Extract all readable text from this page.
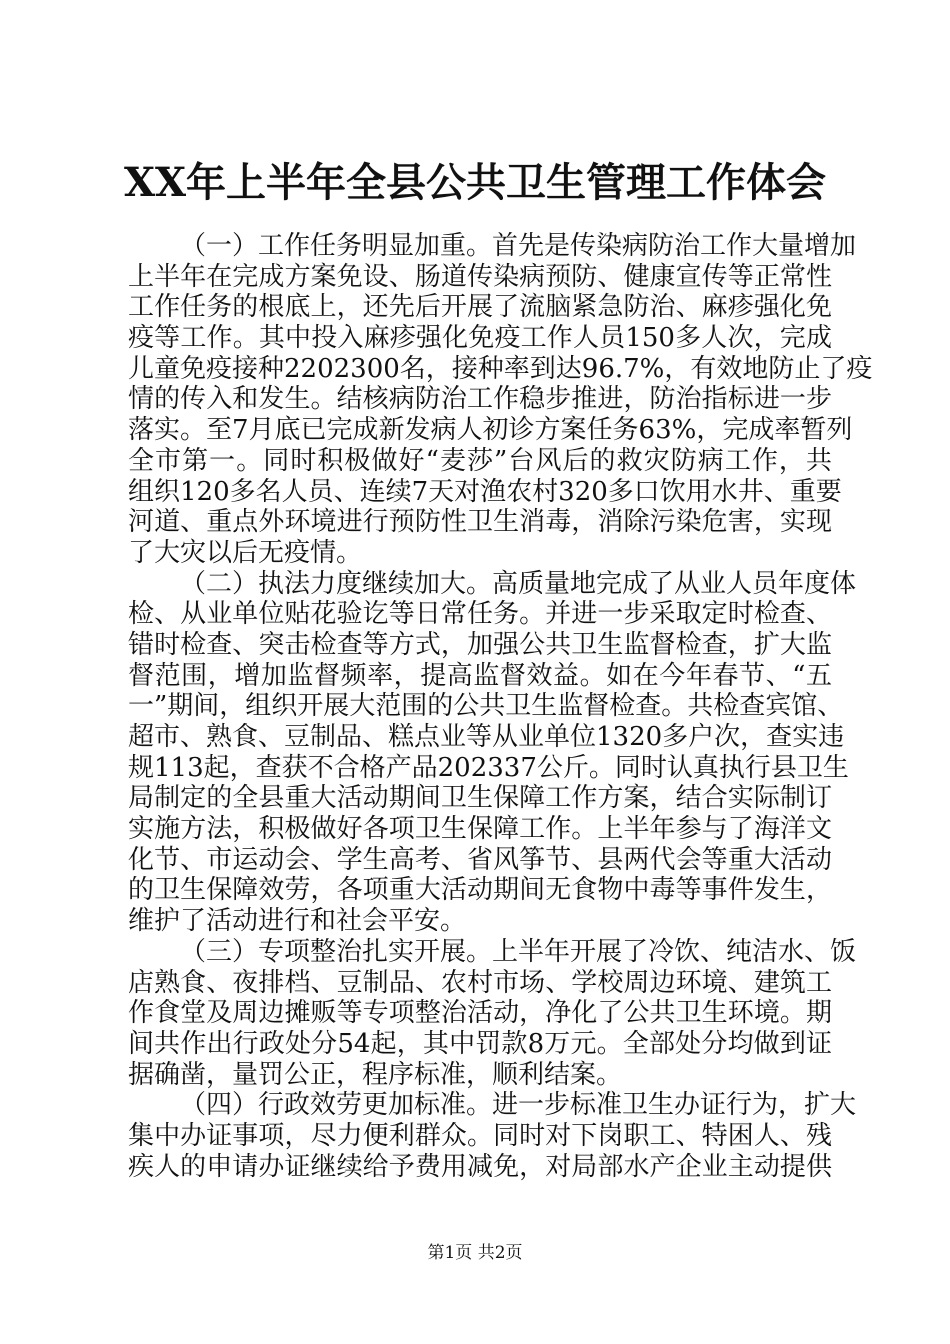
XX年上半年全县公共卫生管理工作体会
（一）工作任务明显加重。首先是传染病防治工作大量增加
上半年在完成方案免设、肠道传染病预防、健康宣传等正常性
工作任务的根底上，还先后开展了流脑紧急防治、麻疹强化免
疫等工作。其中投入麻疹强化免疫工作人员150多人次，完成
儿童免疫接种2202300名，接种率到达96.7%，有效地防止了疫
情的传入和发生。结核病防治工作稳步推进，防治指标进一步
落实。至7月底已完成新发病人初诊方案任务63%，完成率暂列
全市第一。同时积极做好“麦莎”台风后的救灾防病工作，共
组织120多名人员、连续7天对渔农村320多口饮用水井、重要
河道、重点外环境进行预防性卫生消毒，消除污染危害，实现
了大灾以后无疫情。
（二）执法力度继续加大。高质量地完成了从业人员年度体
检、从业单位贴花验讫等日常任务。并进一步采取定时检查、
错时检查、突击检查等方式，加强公共卫生监督检查，扩大监
督范围，增加监督频率，提高监督效益。如在今年春节、“五
一”期间，组织开展大范围的公共卫生监督检查。共检查宾馆、
超市、熟食、豆制品、糕点业等从业单位1320多户次，查实违
规113起，查获不合格产品202337公斤。同时认真执行县卫生
局制定的全县重大活动期间卫生保障工作方案，结合实际制订
实施方法，积极做好各项卫生保障工作。上半年参与了海洋文
化节、市运动会、学生高考、省风筝节、县两代会等重大活动
的卫生保障效劳，各项重大活动期间无食物中毒等事件发生，
维护了活动进行和社会平安。
（三）专项整治扎实开展。上半年开展了冷饮、纯洁水、饭
店熟食、夜排档、豆制品、农村市场、学校周边环境、建筑工
作食堂及周边摊贩等专项整治活动，净化了公共卫生环境。期
间共作出行政处分54起，其中罚款8万元。全部处分均做到证
据确凿，量罚公正，程序标准，顺利结案。
（四）行政效劳更加标准。进一步标准卫生办证行为，扩大
集中办证事项，尽力便利群众。同时对下岗职工、特困人、残
疾人的申请办证继续给予费用减免，对局部水产企业主动提供
第1页 共2页
